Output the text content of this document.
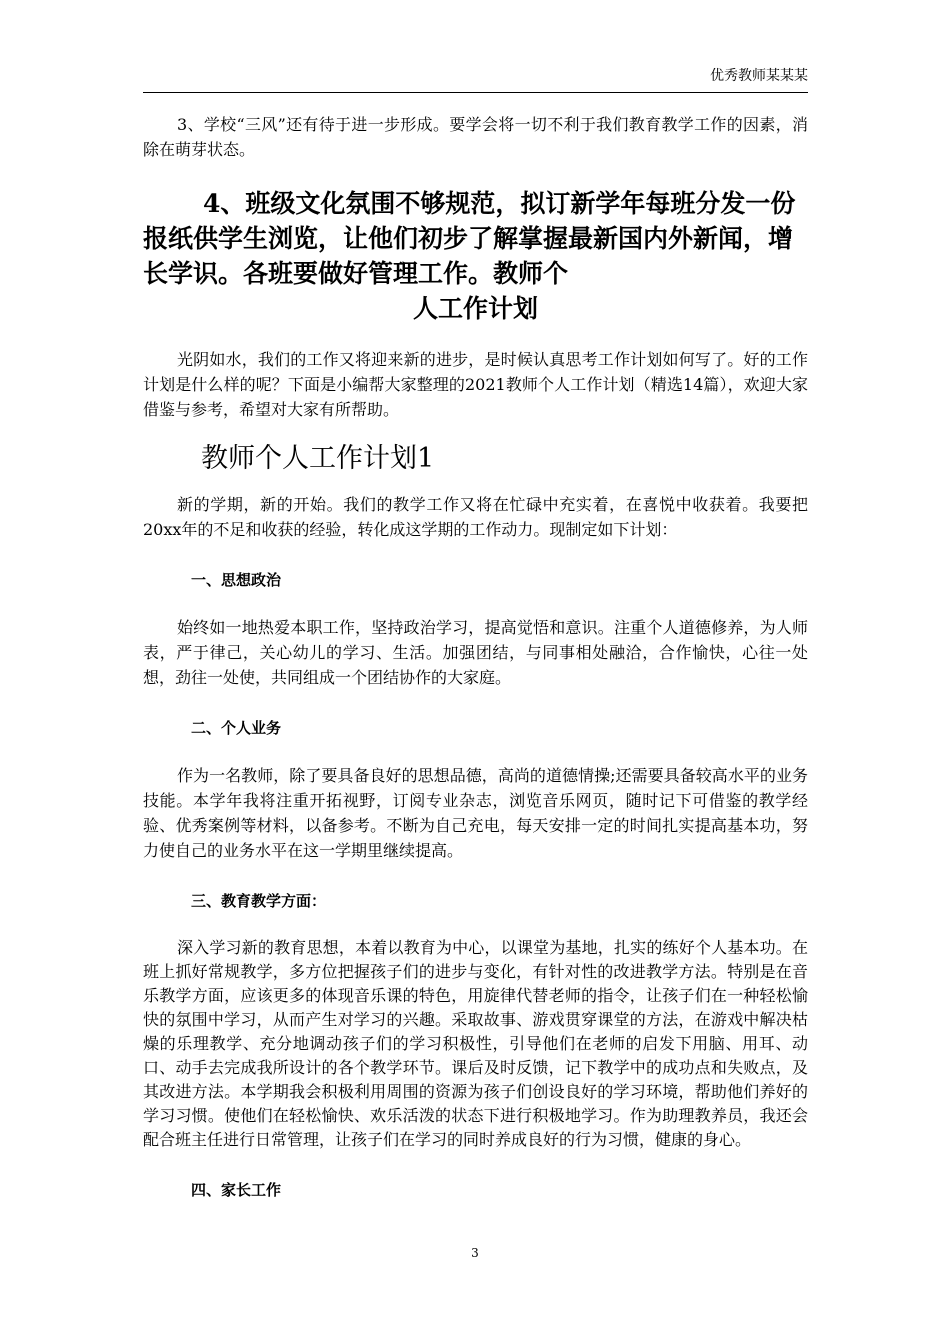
优秀教师某某某

3、学校“三风”还有待于进一步形成。要学会将一切不利于我们教育教学工作的因素，消除在萌芽状态。

4、班级文化氛围不够规范，拟订新学年每班分发一份报纸供学生浏览，让他们初步了解掌握最新国内外新闻，增长学识。各班要做好管理工作。教师个
人工作计划

光阴如水，我们的工作又将迎来新的进步，是时候认真思考工作计划如何写了。好的工作计划是什么样的呢？下面是小编帮大家整理的2021教师个人工作计划（精选14篇），欢迎大家借鉴与参考，希望对大家有所帮助。

教师个人工作计划1

新的学期，新的开始。我们的教学工作又将在忙碌中充实着，在喜悦中收获着。我要把20xx年的不足和收获的经验，转化成这学期的工作动力。现制定如下计划：

一、思想政治

始终如一地热爱本职工作，坚持政治学习，提高觉悟和意识。注重个人道德修养，为人师表，严于律己，关心幼儿的学习、生活。加强团结，与同事相处融洽，合作愉快，心往一处想，劲往一处使，共同组成一个团结协作的大家庭。

二、个人业务

作为一名教师，除了要具备良好的思想品德，高尚的道德情操;还需要具备较高水平的业务技能。本学年我将注重开拓视野，订阅专业杂志，浏览音乐网页，随时记下可借鉴的教学经验、优秀案例等材料，以备参考。不断为自己充电，每天安排一定的时间扎实提高基本功，努力使自己的业务水平在这一学期里继续提高。

三、教育教学方面：

深入学习新的教育思想，本着以教育为中心，以课堂为基地，扎实的练好个人基本功。在班上抓好常规教学，多方位把握孩子们的进步与变化，有针对性的改进教学方法。特别是在音乐教学方面，应该更多的体现音乐课的特色，用旋律代替老师的指令，让孩子们在一种轻松愉快的氛围中学习，从而产生对学习的兴趣。采取故事、游戏贯穿课堂的方法，在游戏中解决枯燥的乐理教学、充分地调动孩子们的学习积极性，引导他们在老师的启发下用脑、用耳、动口、动手去完成我所设计的各个教学环节。课后及时反馈，记下教学中的成功点和失败点，及其改进方法。本学期我会积极利用周围的资源为孩子们创设良好的学习环境，帮助他们养好的学习习惯。使他们在轻松愉快、欢乐活泼的状态下进行积极地学习。作为助理教养员，我还会配合班主任进行日常管理，让孩子们在学习的同时养成良好的行为习惯，健康的身心。

四、家长工作
3
